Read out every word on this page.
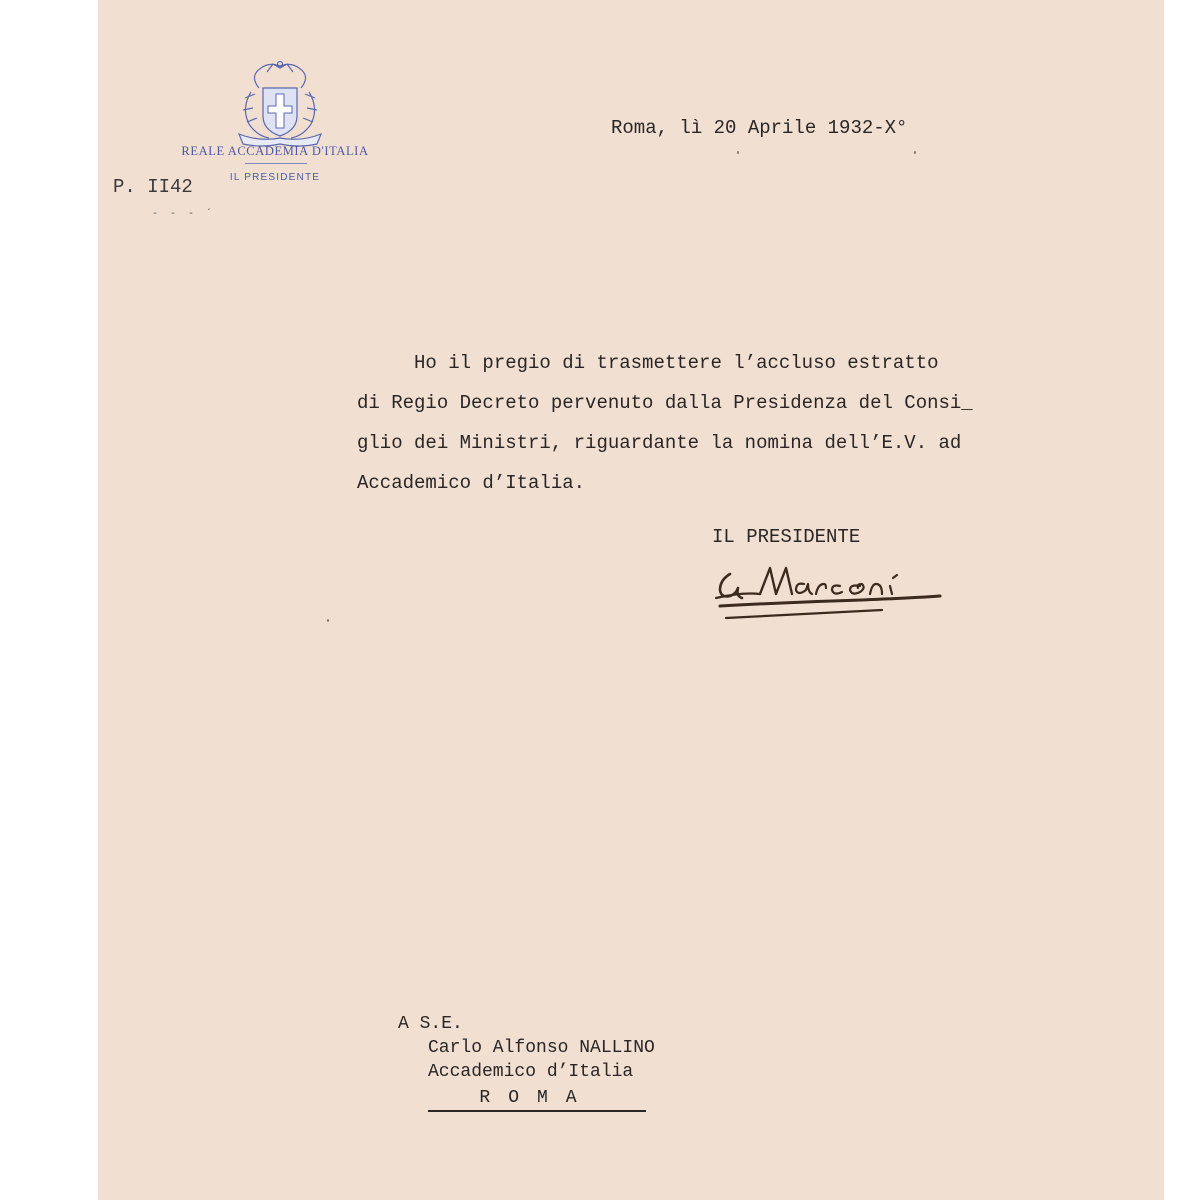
REALE ACCADEMIA D'ITALIA
IL PRESIDENTE
P. II42
- - - ˊ
Roma, lì 20 Aprile 1932-X°
Ho il pregio di trasmettere l’accluso estratto
di Regio Decreto pervenuto dalla Presidenza del Consi_
glio dei Ministri, riguardante la nomina dell’E.V. ad
Accademico d’Italia.
IL PRESIDENTE
A S.E.
Carlo Alfonso NALLINO
Accademico d’Italia
ROMA
